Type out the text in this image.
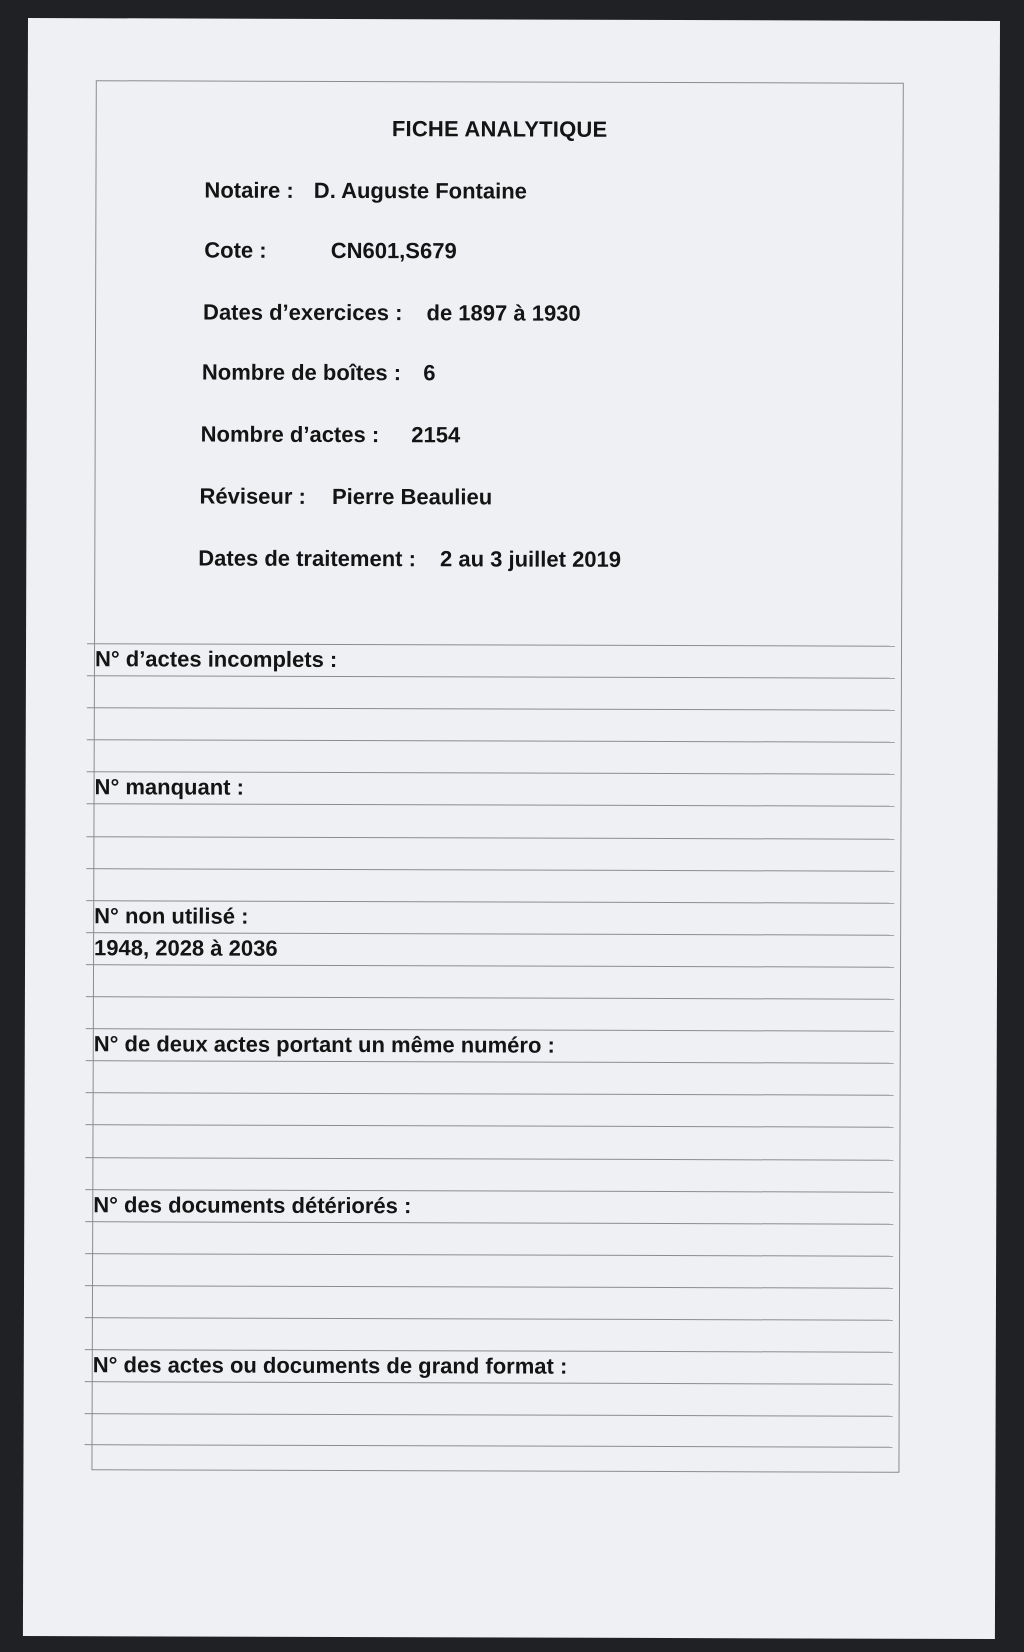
FICHE ANALYTIQUE
Notaire : D. Auguste Fontaine
Cote :	CN601,S679
Dates d’exercices : de 1897 à 1930
Nombre de boîtes : 6
Nombre d’actes : 2154
Réviseur : Pierre Beaulieu
Dates de traitement : 2 au 3 juillet 2019
N° d’actes incomplets :
N° manquant :
N° non utilisé :
1948, 2028 à 2036
N° de deux actes portant un même numéro :
N° des documents détériorés :
N° des actes ou documents de grand format :
